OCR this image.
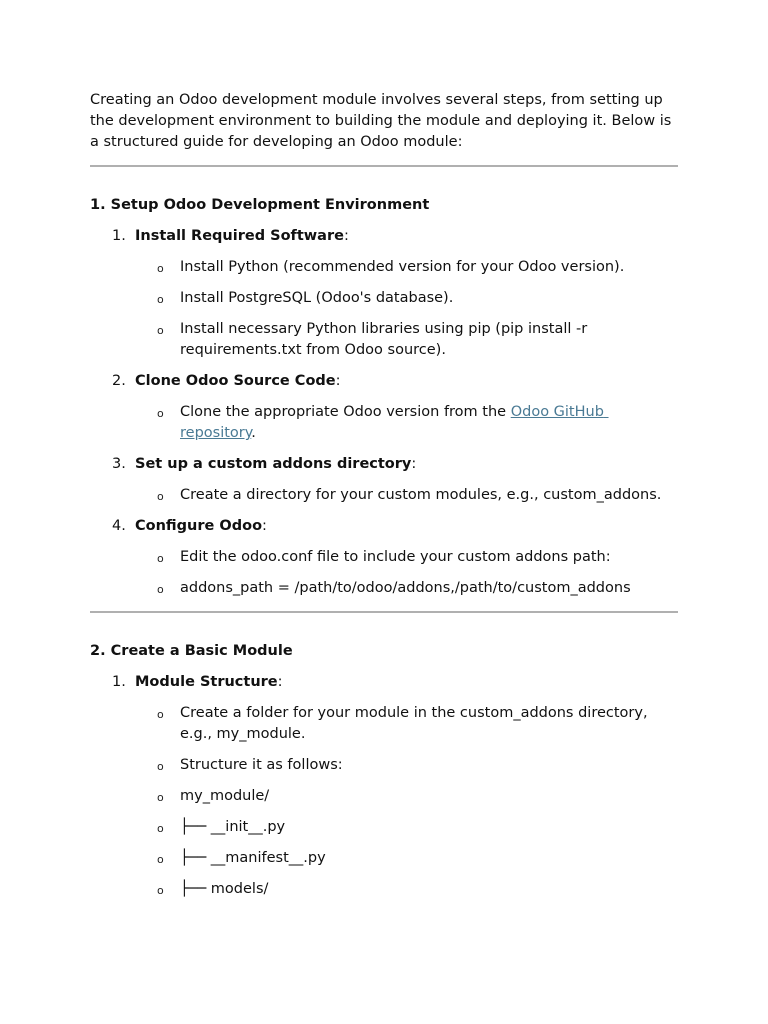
Creating an Odoo development module involves several steps, from setting up the development environment to building the module and deploying it. Below is a structured guide for developing an Odoo module:

1. Setup Odoo Development Environment

1. Install Required Software:
o Install Python (recommended version for your Odoo version).
o Install PostgreSQL (Odoo's database).
o Install necessary Python libraries using pip (pip install -r requirements.txt from Odoo source).
2. Clone Odoo Source Code:
o Clone the appropriate Odoo version from the Odoo GitHub repository.
3. Set up a custom addons directory:
o Create a directory for your custom modules, e.g., custom_addons.
4. Configure Odoo:
o Edit the odoo.conf file to include your custom addons path:
o addons_path = /path/to/odoo/addons,/path/to/custom_addons

2. Create a Basic Module

1. Module Structure:
o Create a folder for your module in the custom_addons directory, e.g., my_module.
o Structure it as follows:
o my_module/
o ├── __init__.py
o ├── __manifest__.py
o ├── models/
